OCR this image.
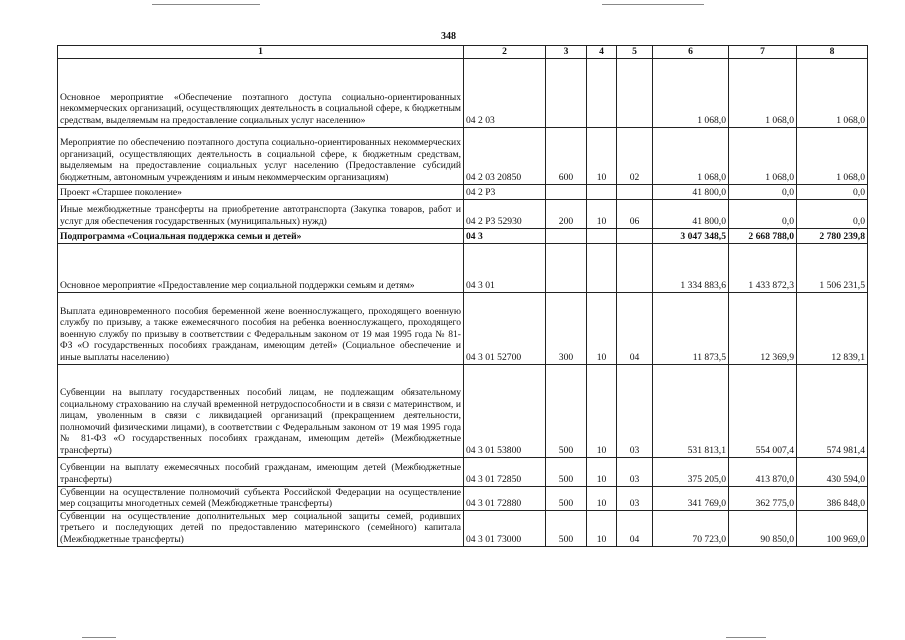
348
1	2	3	4	5	6	7	8
Основное мероприятие «Обеспечение поэтапного доступа социально-ориентированных некоммерческих организаций, осуществляющих деятельность в социальной сфере, к бюджетным средствам, выделяемым на предоставление социальных услуг населению»	04 2 03				1 068,0	1 068,0	1 068,0
Мероприятие по обеспечению поэтапного доступа социально-ориентированных некоммерческих организаций, осуществляющих деятельность в социальной сфере, к бюджетным средствам, выделяемым на предоставление социальных услуг населению (Предоставление субсидий бюджетным, автономным учреждениям и иным некоммерческим организациям)	04 2 03 20850	600	10	02	1 068,0	1 068,0	1 068,0
Проект «Старшее поколение»	04 2 P3				41 800,0	0,0	0,0
Иные межбюджетные трансферты на приобретение автотранспорта (Закупка товаров, работ и услуг для обеспечения государственных (муниципальных) нужд)	04 2 P3 52930	200	10	06	41 800,0	0,0	0,0
Подпрограмма «Социальная поддержка семьи и детей»	04 3				3 047 348,5	2 668 788,0	2 780 239,8
Основное мероприятие «Предоставление мер социальной поддержки семьям и детям»	04 3 01				1 334 883,6	1 433 872,3	1 506 231,5
Выплата единовременного пособия беременной жене военнослужащего, проходящего военную службу по призыву, а также ежемесячного пособия на ребенка военнослужащего, проходящего военную службу по призыву в соответствии с Федеральным законом от 19 мая 1995 года № 81-ФЗ «О государственных пособиях гражданам, имеющим детей» (Социальное обеспечение и иные выплаты населению)	04 3 01 52700	300	10	04	11 873,5	12 369,9	12 839,1
Субвенции на выплату государственных пособий лицам, не подлежащим обязательному социальному страхованию на случай временной нетрудоспособности и в связи с материнством, и лицам, уволенным в связи с ликвидацией организаций (прекращением деятельности, полномочий физическими лицами), в соответствии с Федеральным законом от 19 мая 1995 года № 81-ФЗ «О государственных пособиях гражданам, имеющим детей» (Межбюджетные трансферты)	04 3 01 53800	500	10	03	531 813,1	554 007,4	574 981,4
Субвенции на выплату ежемесячных пособий гражданам, имеющим детей (Межбюджетные трансферты)	04 3 01 72850	500	10	03	375 205,0	413 870,0	430 594,0
Субвенции на осуществление полномочий субъекта Российской Федерации на осуществление мер соцзащиты многодетных семей (Межбюджетные трансферты)	04 3 01 72880	500	10	03	341 769,0	362 775,0	386 848,0
Субвенции на осуществление дополнительных мер социальной защиты семей, родивших третьего и последующих детей по предоставлению материнского (семейного) капитала (Межбюджетные трансферты)	04 3 01 73000	500	10	04	70 723,0	90 850,0	100 969,0
